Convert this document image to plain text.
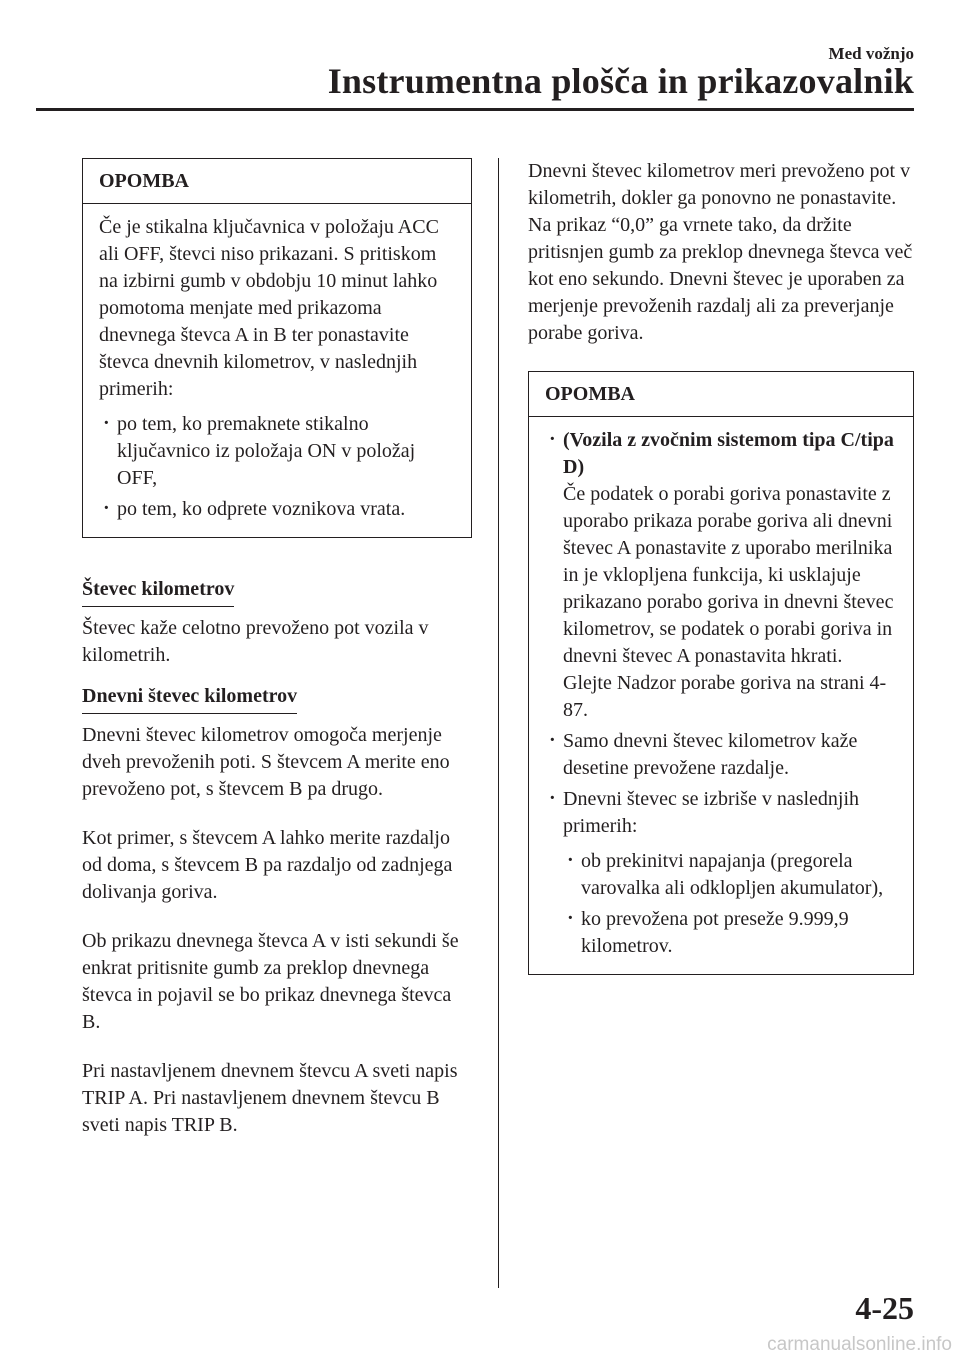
Med vožnjo
Instrumentna plošča in prikazovalnik
OPOMBA

Če je stikalna ključavnica v položaju ACC ali OFF, števci niso prikazani. S pritiskom na izbirni gumb v obdobju 10 minut lahko pomotoma menjate med prikazoma dnevnega števca A in B ter ponastavite števca dnevnih kilometrov, v naslednjih primerih:

· po tem, ko premaknete stikalno ključavnico iz položaja ON v položaj OFF,
· po tem, ko odprete voznikova vrata.
Števec kilometrov

Števec kaže celotno prevoženo pot vozila v kilometrih.

Dnevni števec kilometrov

Dnevni števec kilometrov omogoča merjenje dveh prevoženih poti. S števcem A merite eno prevoženo pot, s števcem B pa drugo.

Kot primer, s števcem A lahko merite razdaljo od doma, s števcem B pa razdaljo od zadnjega dolivanja goriva.

Ob prikazu dnevnega števca A v isti sekundi še enkrat pritisnite gumb za preklop dnevnega števca in pojavil se bo prikaz dnevnega števca B.

Pri nastavljenem dnevnem števcu A sveti napis TRIP A. Pri nastavljenem dnevnem števcu B sveti napis TRIP B.

Dnevni števec kilometrov meri prevoženo pot v kilometrih, dokler ga ponovno ne ponastavite. Na prikaz “0,0” ga vrnete tako, da držite pritisnjen gumb za preklop dnevnega števca več kot eno sekundo. Dnevni števec je uporaben za merjenje prevoženih razdalj ali za preverjanje porabe goriva.

OPOMBA
· (Vozila z zvočnim sistemom tipa C/tipa D)
Če podatek o porabi goriva ponastavite z uporabo prikaza porabe goriva ali dnevni števec A ponastavite z uporabo merilnika in je vklopljena funkcija, ki usklajuje prikazano porabo goriva in dnevni števec kilometrov, se podatek o porabi goriva in dnevni števec A ponastavita hkrati.
Glejte Nadzor porabe goriva na strani 4-87.
· Samo dnevni števec kilometrov kaže desetine prevožene razdalje.
· Dnevni števec se izbriše v naslednjih primerih:
· ob prekinitvi napajanja (pregorela varovalka ali odklopljen akumulator),
· ko prevožena pot preseže 9.999,9 kilometrov.
4-25
carmanualsonline.info
